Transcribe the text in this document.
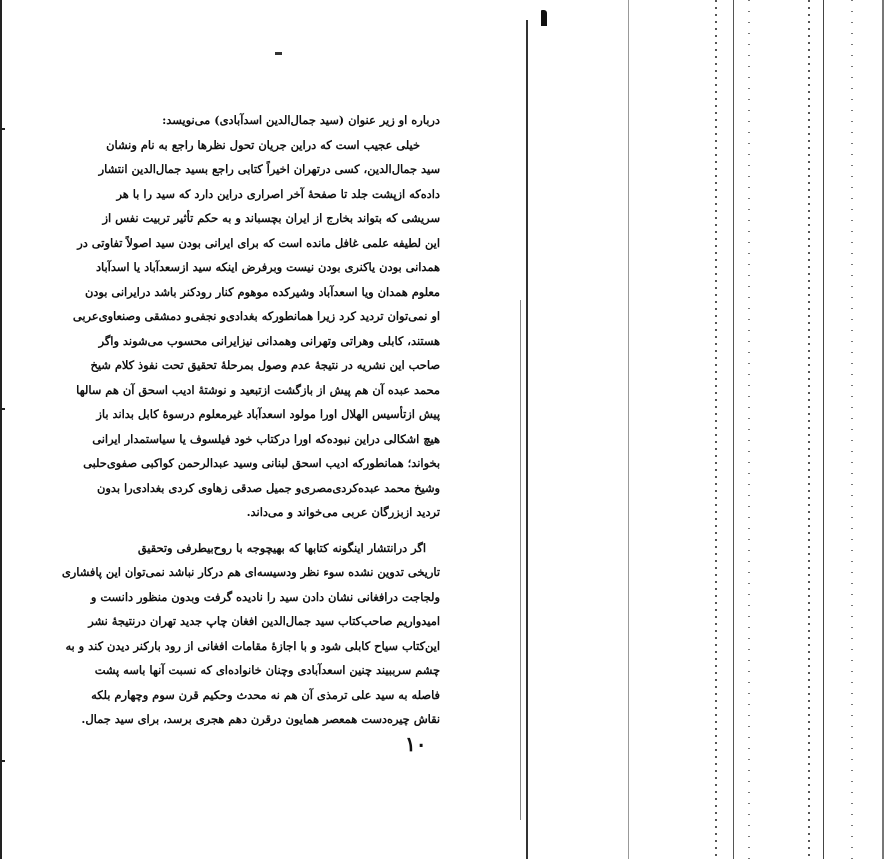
درباره او زیر عنوان (سید جمال‌الدین اسدآبادی) می‌نویسد:
خیلی عجیب است که دراین جریان تحول نظرها راجع به نام ونشان
سید جمال‌الدین، کسی درتهران اخیراً کتابی راجع بسید جمال‌الدین انتشار
داده‌که ازپشت جلد تا صفحهٔ آخر اصراری دراین دارد که سید را با هر
سریشی که بتواند بخارج از ایران بچسباند و به حکم تأثیر تربیت نفس از
این لطیفه علمی غافل مانده است که برای ایرانی بودن سید اصولاً تفاوتی در
همدانی بودن یاکنری بودن نیست وبرفرض اینکه سید ازسعدآباد یا اسدآباد
معلوم همدان ویا اسعدآباد وشیرکده موهوم کنار رودکنر باشد درایرانی بودن
او نمی‌توان تردید کرد زیرا همانطورکه بغدادی‌و نجفی‌و دمشقی وصنعاوی‌عربی
هستند، کابلی وهراتی وتهرانی وهمدانی نیزایرانی محسوب می‌شوند واگر
صاحب این نشریه در نتیجهٔ عدم وصول بمرحلهٔ تحقیق تحت نفوذ کلام شیخ
محمد عبده آن هم پیش از بازگشت ازتبعید و نوشتهٔ ادیب اسحق آن هم سالها
پیش ازتأسیس الهلال اورا مولود اسعدآباد غیرمعلوم درسوهٔ کابل بداند باز
هیچ اشکالی دراین نبوده‌که اورا درکتاب خود فیلسوف یا سیاستمدار ایرانی
بخواند؛ همانطورکه ادیب اسحق لبنانی وسید عبدالرحمن کواکبی صفوی‌حلبی
وشیخ محمد عبده‌کردی‌مصری‌و جمیل صدقی زهاوی کردی بغدادی‌را بدون
تردید ازبزرگان عربی می‌خواند و می‌داند.
اگر درانتشار اینگونه کتابها که بهیچوجه با روح‌بیطرفی وتحقیق
تاریخی تدوین نشده سوء نظر ودسیسه‌ای هم درکار نباشد نمی‌توان این پافشاری
ولجاجت درافغانی نشان دادن سید را نادیده گرفت وبدون منظور دانست و
امیدواریم صاحب‌کتاب سید جمال‌الدین افغان چاپ جدید تهران درنتیجهٔ نشر
این‌کتاب سیاح کابلی شود و با اجازهٔ مقامات افغانی از رود بارکنر دیدن کند و به
چشم سرببیند چنین اسعدآبادی وچنان خانواده‌ای که نسبت آنها باسه پشت
فاصله به سید علی ترمذی آن هم نه محدث وحکیم قرن سوم وچهارم بلکه
نقاش چیره‌دست همعصر همایون درقرن دهم هجری برسد، برای سید جمال.
۱۰
